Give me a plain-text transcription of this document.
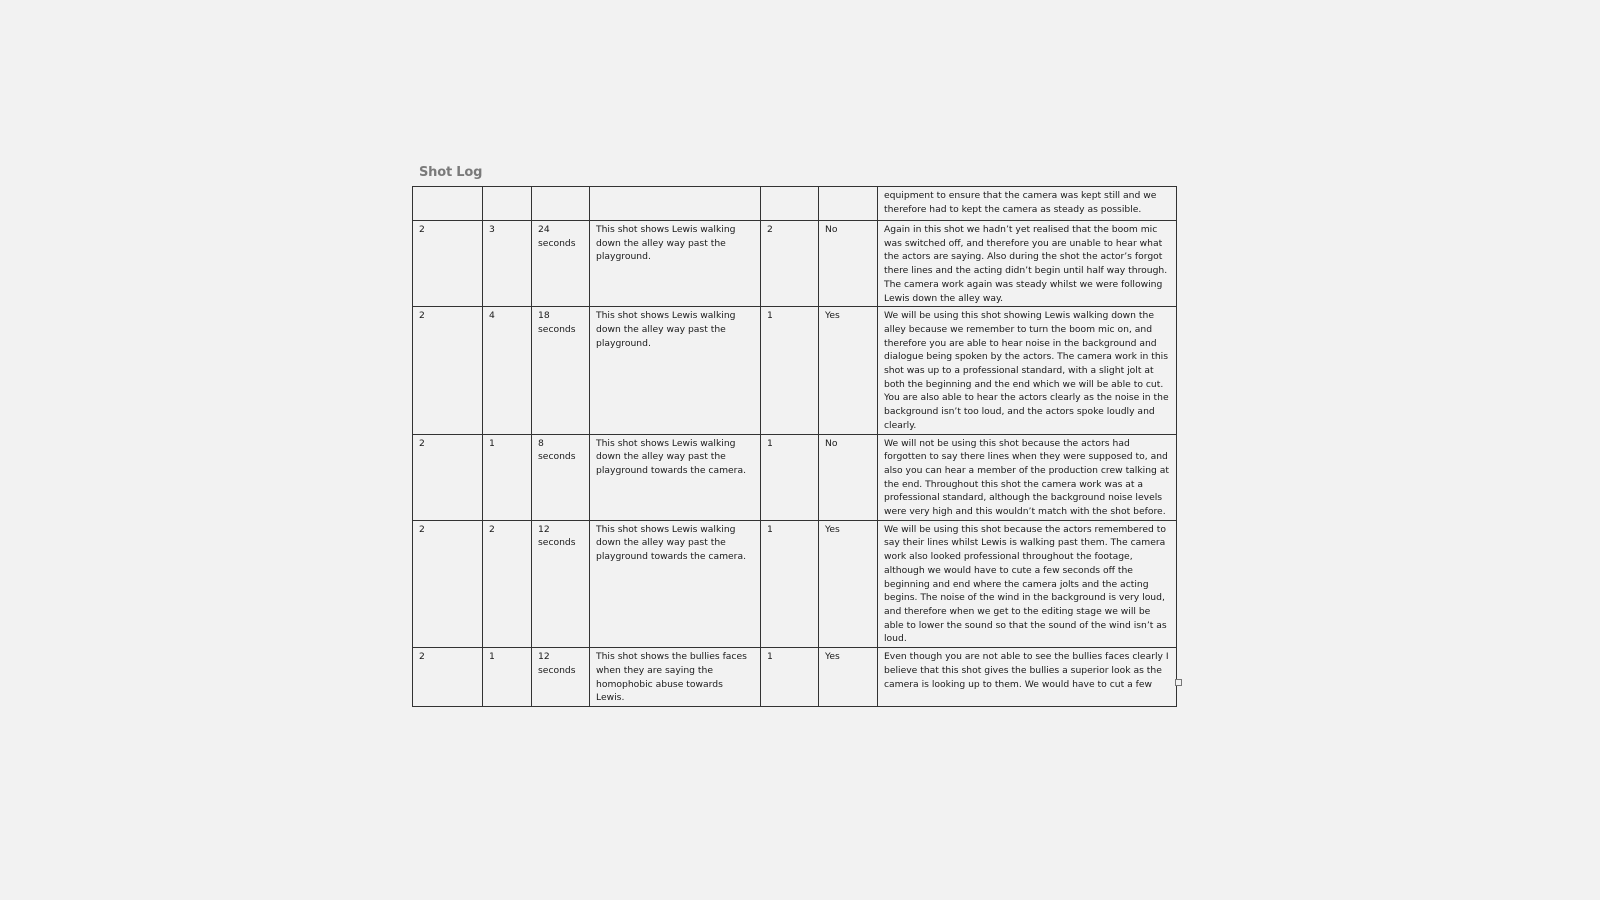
Shot Log
						equipment to ensure that the camera was kept still and we therefore had to kept the camera as steady as possible.
2	3	24 seconds	This shot shows Lewis walking down the alley way past the playground.	2	No	Again in this shot we hadn’t yet realised that the boom mic was switched off, and therefore you are unable to hear what the actors are saying. Also during the shot the actor’s forgot there lines and the acting didn’t begin until half way through. The camera work again was steady whilst we were following Lewis down the alley way.
2	4	18 seconds	This shot shows Lewis walking down the alley way past the playground.	1	Yes	We will be using this shot showing Lewis walking down the alley because we remember to turn the boom mic on, and therefore you are able to hear noise in the background and dialogue being spoken by the actors. The camera work in this shot was up to a professional standard, with a slight jolt at both the beginning and the end which we will be able to cut. You are also able to hear the actors clearly as the noise in the background isn’t too loud, and the actors spoke loudly and clearly.
2	1	8 seconds	This shot shows Lewis walking down the alley way past the playground towards the camera.	1	No	We will not be using this shot because the actors had forgotten to say there lines when they were supposed to, and also you can hear a member of the production crew talking at the end. Throughout this shot the camera work was at a professional standard, although the background noise levels were very high and this wouldn’t match with the shot before.
2	2	12 seconds	This shot shows Lewis walking down the alley way past the playground towards the camera.	1	Yes	We will be using this shot because the actors remembered to say their lines whilst Lewis is walking past them. The camera work also looked professional throughout the footage, although we would have to cute a few seconds off the beginning and end where the camera jolts and the acting begins. The noise of the wind in the background is very loud, and therefore when we get to the editing stage we will be able to lower the sound so that the sound of the wind isn’t as loud.
2	1	12 seconds	This shot shows the bullies faces when they are saying the homophobic abuse towards Lewis.	1	Yes	Even though you are not able to see the bullies faces clearly I believe that this shot gives the bullies a superior look as the camera is looking up to them. We would have to cut a few
